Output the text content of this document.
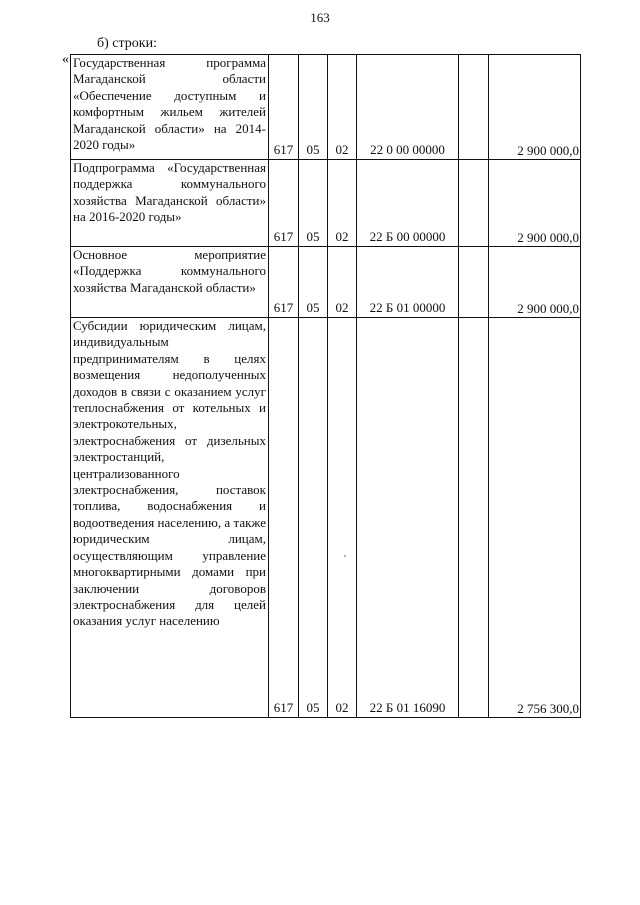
163
б) строки:
« Государственная программа Магаданской области «Обеспечение доступным и комфортным жильем жителей Магаданской области» на 2014-2020 годы»	617	05	02	22 0 00 00000		2 900 000,0

Подпрограмма «Государственная поддержка коммунального хозяйства Магаданской области» на 2016-2020 годы»	617	05	02	22 Б 00 00000		2 900 000,0

Основное мероприятие «Поддержка коммунального хозяйства Магаданской области»	617	05	02	22 Б 01 00000		2 900 000,0

Субсидии юридическим лицам, индивидуальным предпринимателям в целях возмещения недополученных доходов в связи с оказанием услуг теплоснабжения от котельных и электрокотельных, электроснабжения от дизельных электростанций, централизованного электроснабжения, поставок топлива, водоснабжения и водоотведения населению, а также юридическим лицам, осуществляющим управление многоквартирными домами при заключении договоров электроснабжения для целей оказания услуг населению	617	05	02	22 Б 01 16090		2 756 300,0
